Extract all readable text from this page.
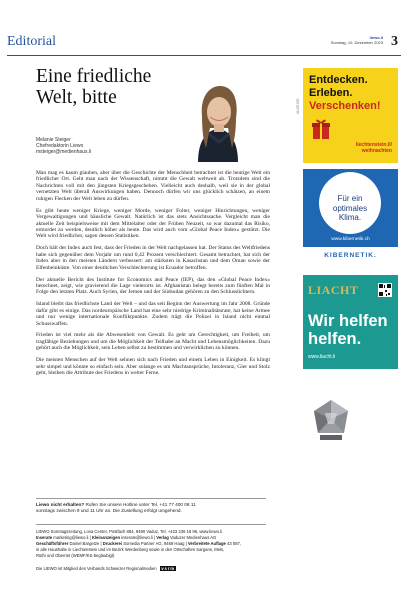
Editorial	liewo.li
Sonntag, 10. Dezember 2023 3
Eine friedliche
Welt, bitte
Melanie Steiger
Chefredaktorin Liewo
msteiger@medienhaus.li

Man mag es kaum glauben, aber über die Geschichte der Menschheit betrachtet ist die heutige Welt ein friedlicher Ort. Geht man nach der Wissenschaft, nimmt die Gewalt weltweit ab. Trotzdem sind die Nachrichten voll mit den jüngsten Kriegsgeschehen. Vielleicht auch deshalb, weil sie in der global vernetzten Welt überall Auswirkungen haben. Dennoch dürfen wir uns glücklich schätzen, an einem ruhigen Flecken der Welt leben zu dürfen.

Es gibt heute weniger Kriege, weniger Morde, weniger Folter, weniger Hinrichtungen, weniger Vergewaltigungen und häusliche Gewalt. Natürlich ist das stets Ansichtssache. Vergleicht man die aktuelle Zeit beispielsweise mit dem Mittelalter oder der Frühen Neuzeit, so war dazumal das Risiko, ermordet zu werden, deutlich höher als heute. Das wird auch vom «Global Peace Index» gestützt. Die Welt wird friedlicher, sagen dessen Statistiken.

Doch hält der Index auch fest, dass der Frieden in der Welt nachgelassen hat. Der Status des Weltfriedens habe sich gegenüber dem Vorjahr um rund 0,42 Prozent verschlechtert. Gesamt betrachtet, hat sich der Index aber in den meisten Ländern verbessert: am stärksten in Kasachstan und dem Oman sowie der Elfenbeinküste. Von einer deutlichen Verschlechterung ist Ecuador betroffen.

Der aktuelle Bericht des Institute for Economics and Peace (IEP), das den «Global Peace Index» berechnet, zeigt, wie gravierend die Lage vielerorts ist. Afghanistan belegt bereits zum fünften Mal in Folge den letzten Platz. Auch Syrien, der Jemen und der Südsudan gehören zu den Schlusslichtern.

Island bleibt das friedlichste Land der Welt – und das seit Beginn der Auswertung im Jahr 2008. Gründe dafür gibt es einige. Das nordeuropäische Land hat eine sehr niedrige Kriminalitätsrate, hat keine Armee und nur wenige internationale Konfliktpunkte. Zudem trägt die Polizei in Island nicht einmal Schusswaffen.

Frieden ist viel mehr als die Abwesenheit von Gewalt. Es geht um Gerechtigkeit, um Freiheit, um tragfähige Beziehungen und um die Möglichkeit der Teilhabe an Macht und Lebensmöglichkeiten. Dazu gehört auch die Möglichkeit, sein Leben selbst zu bestimmen und verwirklichen zu können.

Die meisten Menschen auf der Welt sehnen sich nach Frieden und einem Leben in Einigkeit. Es klingt sehr simpel und könnte so einfach sein. Aber solange es um Machtansprüche, Intoleranz, Gier und Stolz geht, bleiben die Attribute des Friedens in weiter Ferne.

Liewo nicht erhalten? Rufen Sie unsere Hotline unter Tel. +41 77 400 08 11
sonntags zwischen 9 und 11 Uhr an. Die Zustellung erfolgt umgehend.
LIEWO Sonntagszeitung, Lova Center, Postfach 884, 9490 Vaduz, Tel. +423 236 16 96, www.liewo.li
Inserate marketing@liewo.li | Kleinanzeigen inserate@liewo.li | Verlag Vaduzer Medienhaus AG
Geschäftsführer Daniel Bargetze | Druckerei Somedia Partner AG, 9469 Haag | Verbreitete Auflage 43 087,
in alle Haushalte in Liechtenstein und im Bezirk Werdenberg sowie in den Ortschaften Sargans, Mels,
Rüthi und Oberriet (WEMF/KS-beglaubigt)
Die LIEWO ist Mitglied des Verbands Schweizer Regionalmedien vsrm
ANZEIGE
Entdecken.
Erleben.
Verschenken!
liechtenstein.li/
weihnachten
Für ein
optimales
Klima.
www.kibernetik.ch
KIBERNETIK.
LIACHT
Wir helfen
helfen.
www.liacht.li
